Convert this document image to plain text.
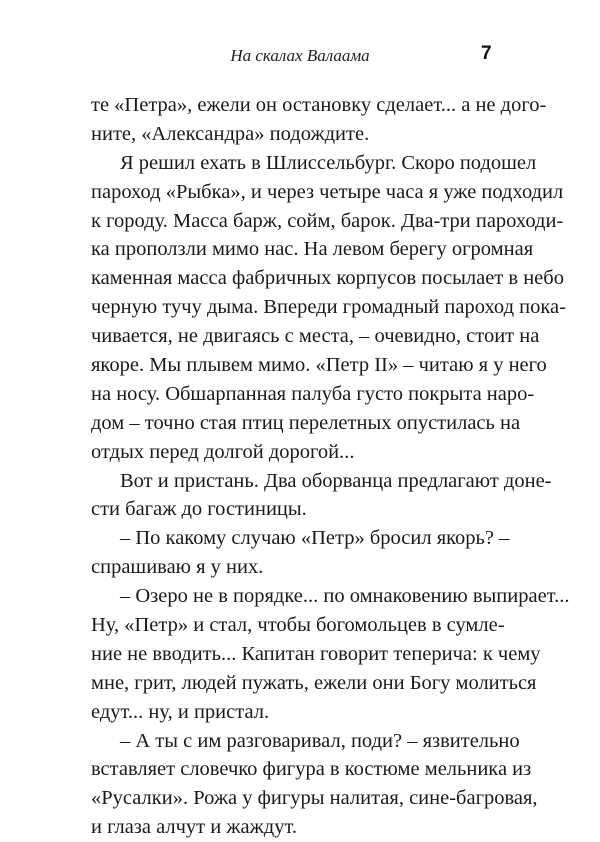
На скалах Валаама	7

те «Петра», ежели он остановку сделает... а не дого-
ните, «Александра» подождите.

Я решил ехать в Шлиссельбург. Скоро подошел
пароход «Рыбка», и через четыре часа я уже подходил
к городу. Масса барж, сойм, барок. Два-три пароходи-
ка проползли мимо нас. На левом берегу огромная
каменная масса фабричных корпусов посылает в небо
черную тучу дыма. Впереди громадный пароход пока-
чивается, не двигаясь с места, – очевидно, стоит на
якоре. Мы плывем мимо. «Петр II» – читаю я у него
на носу. Обшарпанная палуба густо покрыта наро-
дом – точно стая птиц перелетных опустилась на
отдых перед долгой дорогой...

Вот и пристань. Два оборванца предлагают доне-
сти багаж до гостиницы.

– По какому случаю «Петр» бросил якорь? –
спрашиваю я у них.

– Озеро не в порядке... по омнаковению выпирает...
Ну, «Петр» и стал, чтобы богомольцев в сумле-
ние не вводить... Капитан говорит теперича: к чему
мне, грит, людей пужать, ежели они Богу молиться
едут... ну, и пристал.

– А ты с им разговаривал, поди? – язвительно
вставляет словечко фигура в костюме мельника из
«Русалки». Рожа у фигуры налитая, сине-багровая,
и глаза алчут и жаждут.
